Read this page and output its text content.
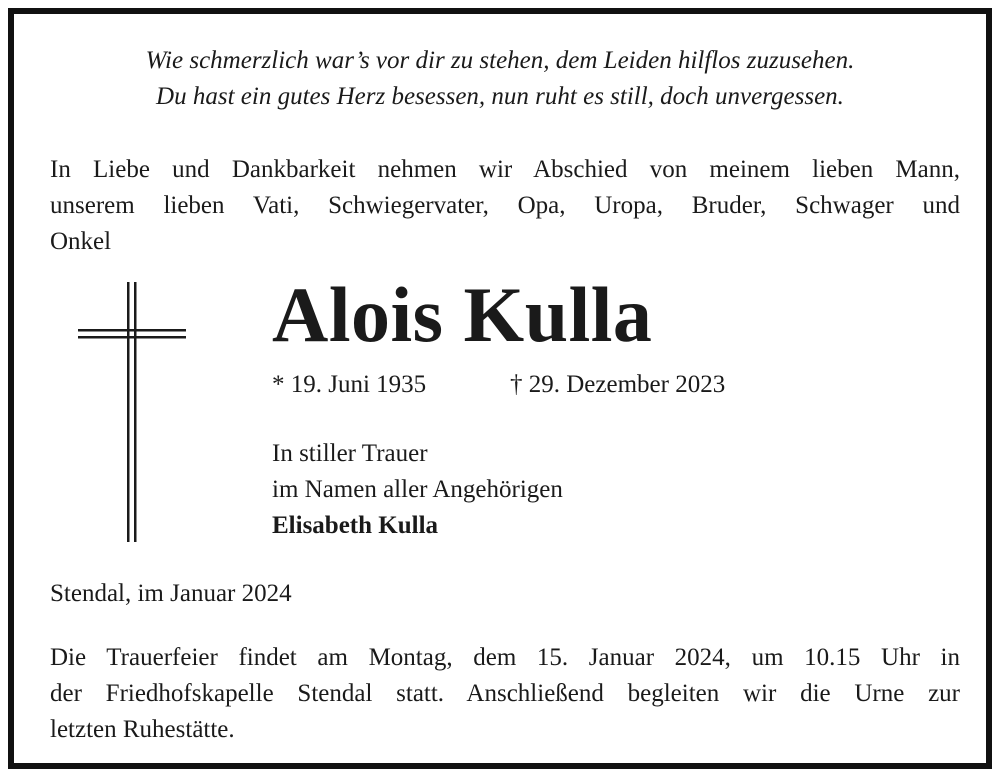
Wie schmerzlich war’s vor dir zu stehen, dem Leiden hilflos zuzusehen.
Du hast ein gutes Herz besessen, nun ruht es still, doch unvergessen.
In Liebe und Dankbarkeit nehmen wir Abschied von meinem lieben Mann,
unserem lieben Vati, Schwiegervater, Opa, Uropa, Bruder, Schwager und
Onkel
Alois Kulla
* 19. Juni 1935	† 29. Dezember 2023
In stiller Trauer
im Namen aller Angehörigen
Elisabeth Kulla
Stendal, im Januar 2024
Die Trauerfeier findet am Montag, dem 15. Januar 2024, um 10.15 Uhr in
der Friedhofskapelle Stendal statt. Anschließend begleiten wir die Urne zur
letzten Ruhestätte.
